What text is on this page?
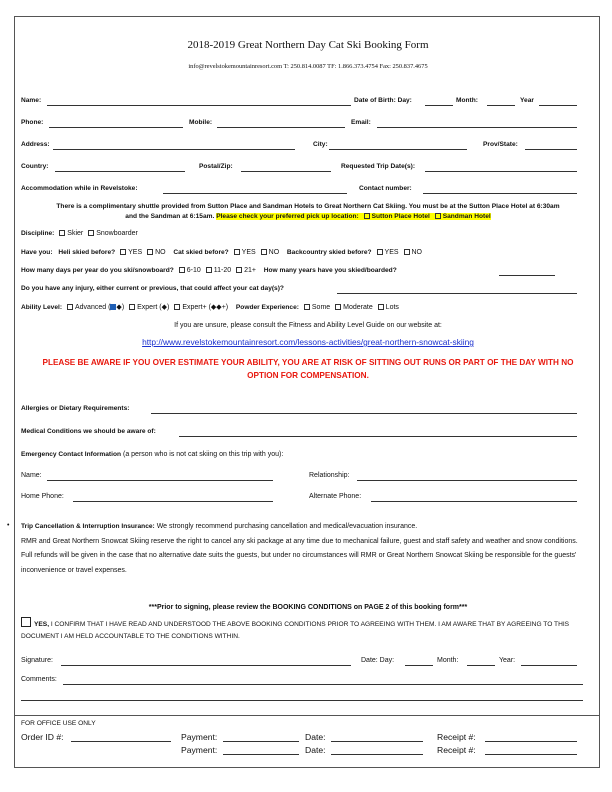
2018-2019 Great Northern Day Cat Ski Booking Form
info@revelstokemountainresort.com T: 250.814.0087 TF: 1.866.373.4754 Fax: 250.837.4675
Name:	Date of Birth: Day:	Month:	Year
Phone:	Mobile:	Email:
Address:	City:	Prov/State:
Country:	Postal/Zip:	Requested Trip Date(s):
Accommodation while in Revelstoke:	Contact number:
There is a complimentary shuttle provided from Sutton Place and Sandman Hotels to Great Northern Cat Skiing. You must be at the Sutton Place Hotel at 6:30am and the Sandman at 6:15am. Please check your preferred pick up location: Sutton Place Hotel Sandman Hotel
Discipline: Skier Snowboarder
Have you: Heli skied before? YES NO Cat skied before? YES NO Backcountry skied before? YES NO
How many days per year do you ski/snowboard? 6-10 11-20 21+ How many years have you skied/boarded?
Do you have any injury, either current or previous, that could affect your cat day(s)?
Ability Level: Advanced ( ◆) Expert (◆) Expert+ (◆◆+) Powder Experience: Some Moderate Lots
If you are unsure, please consult the Fitness and Ability Level Guide on our website at:
http://www.revelstokemountainresort.com/lessons-activities/great-northern-snowcat-skiing
PLEASE BE AWARE IF YOU OVER ESTIMATE YOUR ABILITY, YOU ARE AT RISK OF SITTING OUT RUNS OR PART OF THE DAY WITH NO OPTION FOR COMPENSATION.
Allergies or Dietary Requirements:
Medical Conditions we should be aware of:
Emergency Contact Information (a person who is not cat skiing on this trip with you):
Name:	Relationship:
Home Phone:	Alternate Phone:
• Trip Cancellation & Interruption Insurance: We strongly recommend purchasing cancellation and medical/evacuation insurance.
RMR and Great Northern Snowcat Skiing reserve the right to cancel any ski package at any time due to mechanical failure, guest and staff safety and weather and snow conditions. Full refunds will be given in the case that no alternative date suits the guests, but under no circumstances will RMR or Great Northern Snowcat Skiing be responsible for the guests' inconvenience or travel expenses.
***Prior to signing, please review the BOOKING CONDITIONS on PAGE 2 of this booking form***
YES, I CONFIRM THAT I HAVE READ AND UNDERSTOOD THE ABOVE BOOKING CONDITIONS PRIOR TO AGREEING WITH THEM. I AM AWARE THAT BY AGREEING TO THIS DOCUMENT I AM HELD ACCOUNTABLE TO THE CONDITIONS WITHIN.
Signature:	Date: Day:	Month:	Year:
Comments:
FOR OFFICE USE ONLY
Order ID #:	Payment:	Date:	Receipt #:
Payment:	Date:	Receipt #:
